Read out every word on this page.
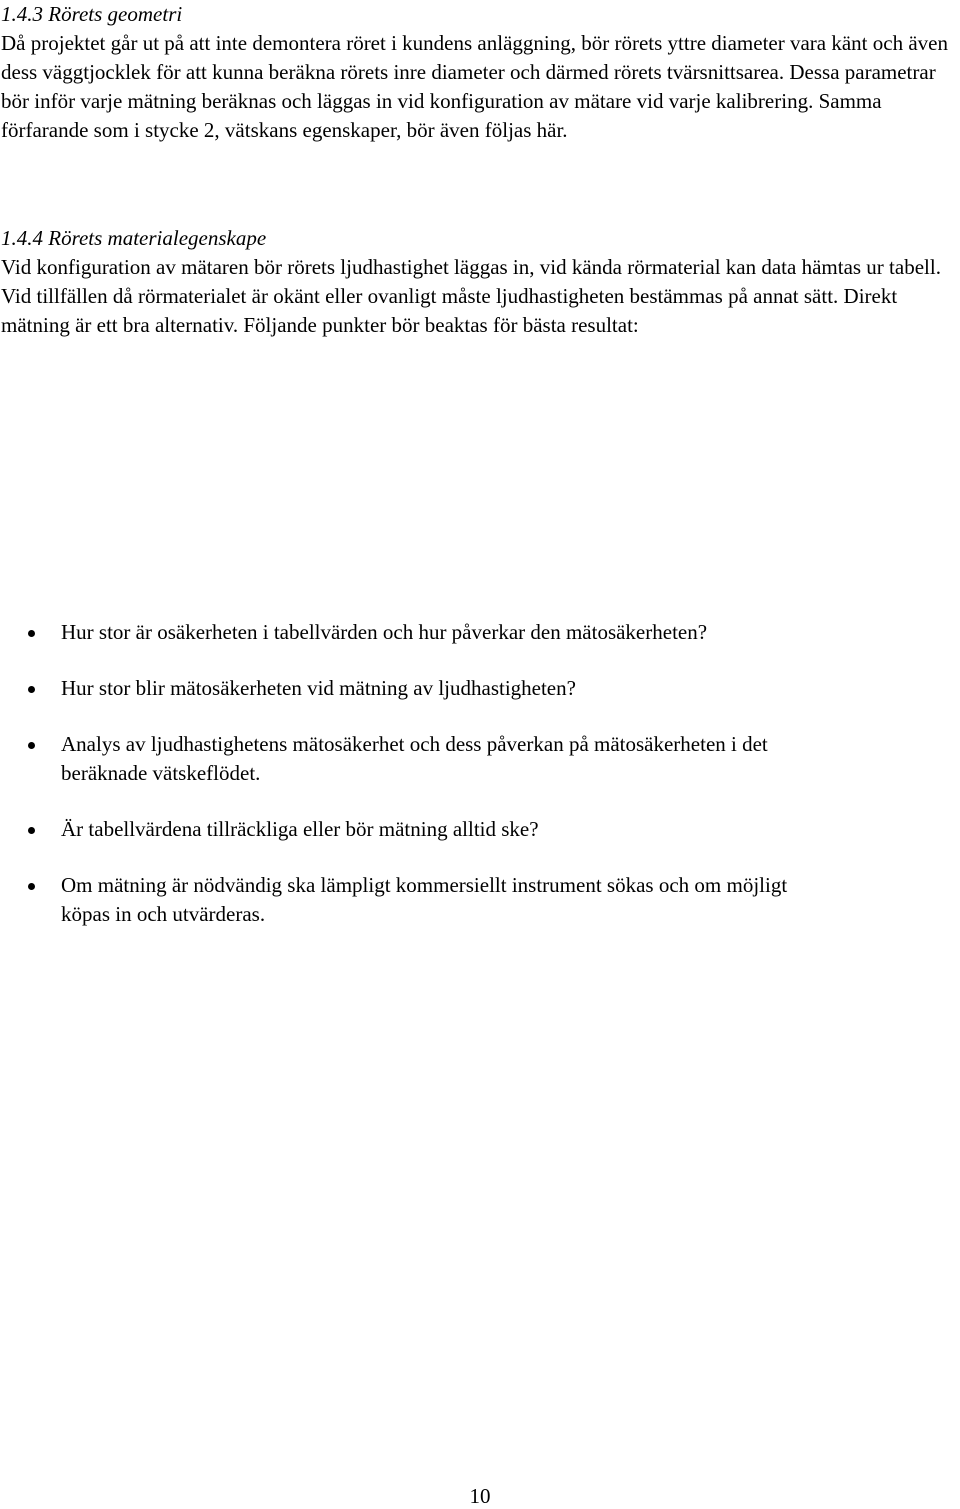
1.4.3 Rörets geometri

Då projektet går ut på att inte demontera röret i kundens anläggning, bör rörets yttre diameter vara känt och även dess väggtjocklek för att kunna beräkna rörets inre diameter och därmed rörets tvärsnittsarea. Dessa parametrar bör inför varje mätning beräknas och läggas in vid konfiguration av mätare vid varje kalibrering. Samma förfarande som i stycke 2, vätskans egenskaper, bör även följas här.

1.4.4 Rörets materialegenskape

Vid konfiguration av mätaren bör rörets ljudhastighet läggas in, vid kända rörmaterial kan data hämtas ur tabell. Vid tillfällen då rörmaterialet är okänt eller ovanligt måste ljudhastigheten bestämmas på annat sätt. Direkt mätning är ett bra alternativ. Följande punkter bör beaktas för bästa resultat:

Hur stor är osäkerheten i tabellvärden och hur påverkar den mätosäkerheten?
Hur stor blir mätosäkerheten vid mätning av ljudhastigheten?
Analys av ljudhastighetens mätosäkerhet och dess påverkan på mätosäkerheten i det
beräknade vätskeflödet.
Är tabellvärdena tillräckliga eller bör mätning alltid ske?
Om mätning är nödvändig ska lämpligt kommersiellt instrument sökas och om möjligt
köpas in och utvärderas.
10
